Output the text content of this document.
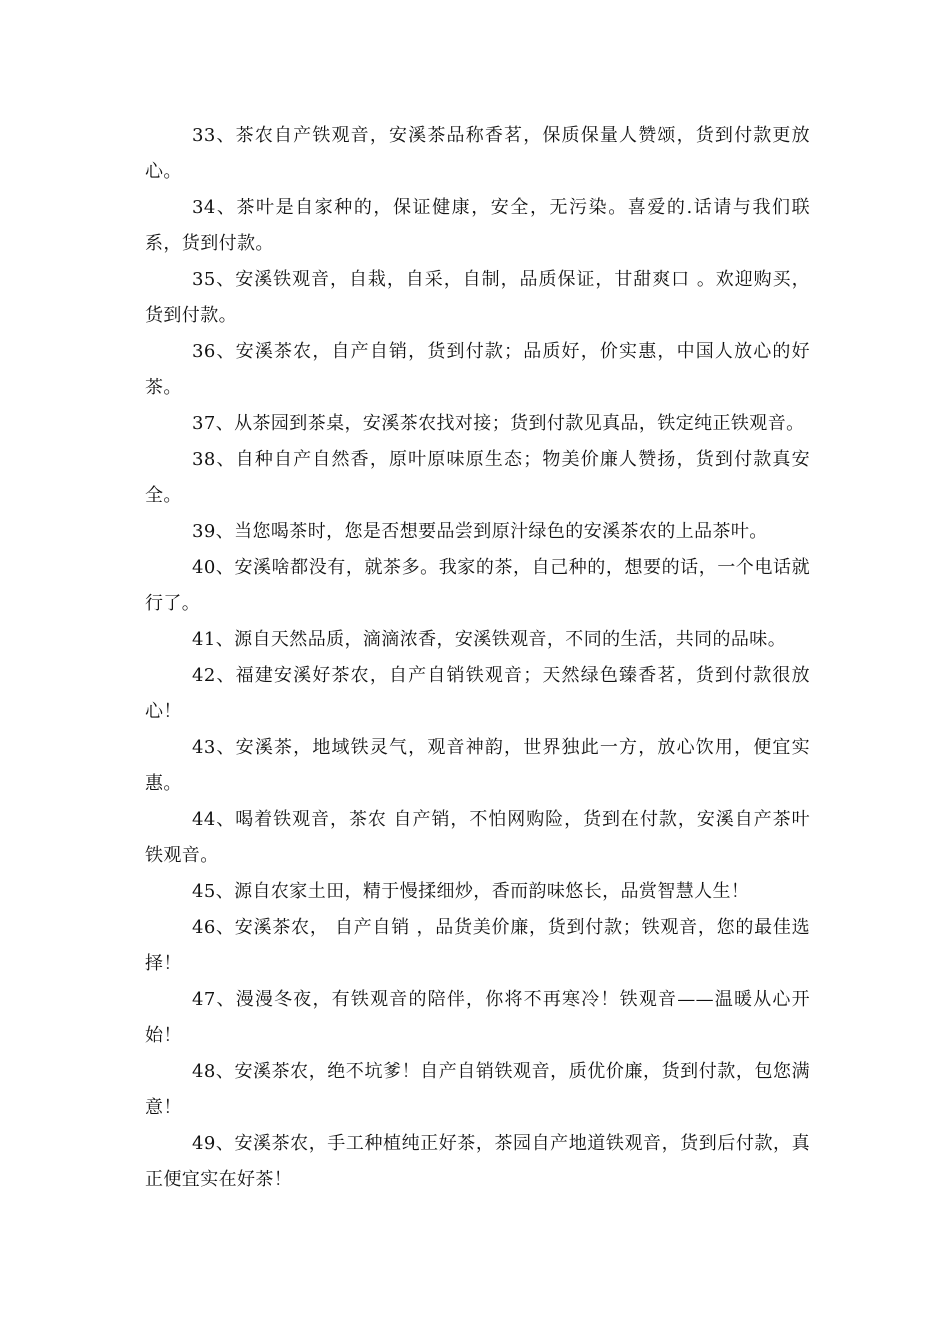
33、茶农自产铁观音，安溪茶品称香茗，保质保量人赞颂，货到付款更放心。

34、茶叶是自家种的，保证健康，安全，无污染。喜爱的.话请与我们联系，货到付款。

35、安溪铁观音，自栽，自采，自制，品质保证，甘甜爽口 。欢迎购买，货到付款。

36、安溪茶农，自产自销，货到付款；品质好，价实惠，中国人放心的好茶。

37、从茶园到茶桌，安溪茶农找对接；货到付款见真品，铁定纯正铁观音。

38、自种自产自然香，原叶原味原生态；物美价廉人赞扬，货到付款真安全。

39、当您喝茶时，您是否想要品尝到原汁绿色的安溪茶农的上品茶叶。

40、安溪啥都没有，就茶多。我家的茶，自己种的，想要的话，一个电话就行了。

41、源自天然品质，滴滴浓香，安溪铁观音，不同的生活，共同的品味。

42、福建安溪好茶农，自产自销铁观音；天然绿色臻香茗，货到付款很放心！

43、安溪茶，地域铁灵气，观音神韵，世界独此一方，放心饮用，便宜实惠。

44、喝着铁观音，茶农 自产销，不怕网购险，货到在付款，安溪自产茶叶铁观音。

45、源自农家土田，精于慢揉细炒，香而韵味悠长，品赏智慧人生！

46、安溪茶农， 自产自销 ，品货美价廉，货到付款；铁观音，您的最佳选择！

47、漫漫冬夜，有铁观音的陪伴，你将不再寒冷！铁观音——温暖从心开始！

48、安溪茶农，绝不坑爹！自产自销铁观音，质优价廉，货到付款，包您满意！

49、安溪茶农，手工种植纯正好茶，茶园自产地道铁观音，货到后付款，真正便宜实在好茶！
